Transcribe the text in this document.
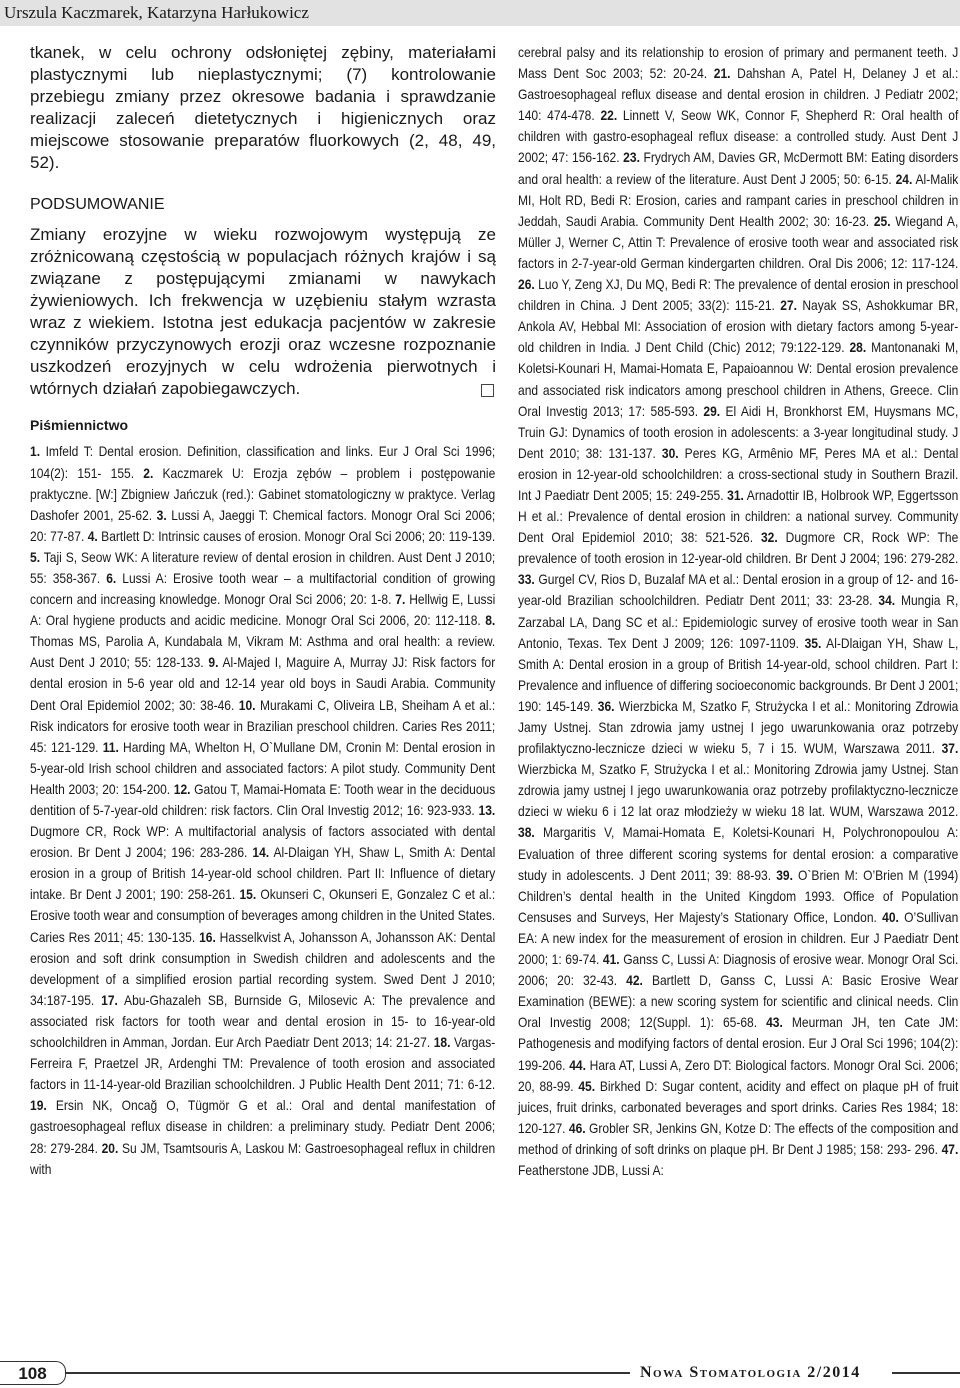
Urszula Kaczmarek, Katarzyna Harłukowicz

tkanek, w celu ochrony odsłoniętej zębiny, materiałami plastycznymi lub nieplastycznymi; (7) kontrolowanie przebiegu zmiany przez okresowe badania i sprawdzanie realizacji zaleceń dietetycznych i higienicznych oraz miejscowe stosowanie preparatów fluorkowych (2, 48, 49, 52).

PODSUMOWANIE

Zmiany erozyjne w wieku rozwojowym występują ze zróżnicowaną częstością w populacjach różnych krajów i są związane z postępującymi zmianami w nawykach żywieniowych. Ich frekwencja w uzębieniu stałym wzrasta wraz z wiekiem. Istotna jest edukacja pacjentów w zakresie czynników przyczynowych erozji oraz wczesne rozpoznanie uszkodzeń erozyjnych w celu wdrożenia pierwotnych i wtórnych działań zapobiegawczych.

Piśmiennictwo
1. Imfeld T: Dental erosion. Definition, classification and links. Eur J Oral Sci 1996; 104(2): 151- 155. 2. Kaczmarek U: Erozja zębów – problem i postępowanie praktyczne. [W:] Zbigniew Jańczuk (red.): Gabinet stomatologiczny w praktyce. Verlag Dashofer 2001, 25-62. 3. Lussi A, Jaeggi T: Chemical factors. Monogr Oral Sci 2006; 20: 77-87. 4. Bartlett D: Intrinsic causes of erosion. Monogr Oral Sci 2006; 20: 119-139. 5. Taji S, Seow WK: A literature review of dental erosion in children. Aust Dent J 2010; 55: 358-367. 6. Lussi A: Erosive tooth wear – a multifactorial condition of growing concern and increasing knowledge. Monogr Oral Sci 2006; 20: 1-8. 7. Hellwig E, Lussi A: Oral hygiene products and acidic medicine. Monogr Oral Sci 2006, 20: 112-118. 8. Thomas MS, Parolia A, Kundabala M, Vikram M: Asthma and oral health: a review. Aust Dent J 2010; 55: 128-133. 9. Al-Majed I, Maguire A, Murray JJ: Risk factors for dental erosion in 5-6 year old and 12-14 year old boys in Saudi Arabia. Community Dent Oral Epidemiol 2002; 30: 38-46. 10. Murakami C, Oliveira LB, Sheiham A et al.: Risk indicators for erosive tooth wear in Brazilian preschool children. Caries Res 2011; 45: 121-129. 11. Harding MA, Whelton H, O`Mullane DM, Cronin M: Dental erosion in 5-year-old Irish school children and associated factors: A pilot study. Community Dent Health 2003; 20: 154-200. 12. Gatou T, Mamai-Homata E: Tooth wear in the deciduous dentition of 5-7-year-old children: risk factors. Clin Oral Investig 2012; 16: 923-933. 13. Dugmore CR, Rock WP: A multifactorial analysis of factors associated with dental erosion. Br Dent J 2004; 196: 283-286. 14. Al-Dlaigan YH, Shaw L, Smith A: Dental erosion in a group of British 14-year-old school children. Part II: Influence of dietary intake. Br Dent J 2001; 190: 258-261. 15. Okunseri C, Okunseri E, Gonzalez C et al.: Erosive tooth wear and consumption of beverages among children in the United States. Caries Res 2011; 45: 130-135. 16. Hasselkvist A, Johansson A, Johansson AK: Dental erosion and soft drink consumption in Swedish children and adolescents and the development of a simplified erosion partial recording system. Swed Dent J 2010; 34:187-195. 17. Abu-Ghazaleh SB, Burnside G, Milosevic A: The prevalence and associated risk factors for tooth wear and dental erosion in 15- to 16-year-old schoolchildren in Amman, Jordan. Eur Arch Paediatr Dent 2013; 14: 21-27. 18. Vargas-Ferreira F, Praetzel JR, Ardenghi TM: Prevalence of tooth erosion and associated factors in 11-14-year-old Brazilian schoolchildren. J Public Health Dent 2011; 71: 6-12. 19. Ersin NK, Oncağ O, Tügmör G et al.: Oral and dental manifestation of gastroesophageal reflux disease in children: a preliminary study. Pediatr Dent 2006; 28: 279-284. 20. Su JM, Tsamtsouris A, Laskou M: Gastroesophageal reflux in children with
cerebral palsy and its relationship to erosion of primary and permanent teeth. J Mass Dent Soc 2003; 52: 20-24. 21. Dahshan A, Patel H, Delaney J et al.: Gastroesophageal reflux disease and dental erosion in children. J Pediatr 2002; 140: 474-478. 22. Linnett V, Seow WK, Connor F, Shepherd R: Oral health of children with gastro-esophageal reflux disease: a controlled study. Aust Dent J 2002; 47: 156-162. 23. Frydrych AM, Davies GR, McDermott BM: Eating disorders and oral health: a review of the literature. Aust Dent J 2005; 50: 6-15. 24. Al-Malik MI, Holt RD, Bedi R: Erosion, caries and rampant caries in preschool children in Jeddah, Saudi Arabia. Community Dent Health 2002; 30: 16-23. 25. Wiegand A, Müller J, Werner C, Attin T: Prevalence of erosive tooth wear and associated risk factors in 2-7-year-old German kindergarten children. Oral Dis 2006; 12: 117-124. 26. Luo Y, Zeng XJ, Du MQ, Bedi R: The prevalence of dental erosion in preschool children in China. J Dent 2005; 33(2): 115-21. 27. Nayak SS, Ashokkumar BR, Ankola AV, Hebbal MI: Association of erosion with dietary factors among 5-year-old children in India. J Dent Child (Chic) 2012; 79:122-129. 28. Mantonanaki M, Koletsi-Kounari H, Mamai-Homata E, Papaioannou W: Dental erosion prevalence and associated risk indicators among preschool children in Athens, Greece. Clin Oral Investig 2013; 17: 585-593. 29. El Aidi H, Bronkhorst EM, Huysmans MC, Truin GJ: Dynamics of tooth erosion in adolescents: a 3-year longitudinal study. J Dent 2010; 38: 131-137. 30. Peres KG, Armênio MF, Peres MA et al.: Dental erosion in 12-year-old schoolchildren: a cross-sectional study in Southern Brazil. Int J Paediatr Dent 2005; 15: 249-255. 31. Arnadottir IB, Holbrook WP, Eggertsson H et al.: Prevalence of dental erosion in children: a national survey. Community Dent Oral Epidemiol 2010; 38: 521-526. 32. Dugmore CR, Rock WP: The prevalence of tooth erosion in 12-year-old children. Br Dent J 2004; 196: 279-282. 33. Gurgel CV, Rios D, Buzalaf MA et al.: Dental erosion in a group of 12- and 16-year-old Brazilian schoolchildren. Pediatr Dent 2011; 33: 23-28. 34. Mungia R, Zarzabal LA, Dang SC et al.: Epidemiologic survey of erosive tooth wear in San Antonio, Texas. Tex Dent J 2009; 126: 1097-1109. 35. Al-Dlaigan YH, Shaw L, Smith A: Dental erosion in a group of British 14-year-old, school children. Part I: Prevalence and influence of differing socioeconomic backgrounds. Br Dent J 2001; 190: 145-149. 36. Wierzbicka M, Szatko F, Strużycka I et al.: Monitoring Zdrowia Jamy Ustnej. Stan zdrowia jamy ustnej I jego uwarunkowania oraz potrzeby profilaktyczno-lecznicze dzieci w wieku 5, 7 i 15. WUM, Warszawa 2011. 37. Wierzbicka M, Szatko F, Strużycka I et al.: Monitoring Zdrowia jamy Ustnej. Stan zdrowia jamy ustnej I jego uwarunkowania oraz potrzeby profilaktyczno-lecznicze dzieci w wieku 6 i 12 lat oraz młodzieży w wieku 18 lat. WUM, Warszawa 2012. 38. Margaritis V, Mamai-Homata E, Koletsi-Kounari H, Polychronopoulou A: Evaluation of three different scoring systems for dental erosion: a comparative study in adolescents. J Dent 2011; 39: 88-93. 39. O`Brien M: O’Brien M (1994) Children’s dental health in the United Kingdom 1993. Office of Population Censuses and Surveys, Her Majesty’s Stationary Office, London. 40. O’Sullivan EA: A new index for the measurement of erosion in children. Eur J Paediatr Dent 2000; 1: 69-74. 41. Ganss C, Lussi A: Diagnosis of erosive wear. Monogr Oral Sci. 2006; 20: 32-43. 42. Bartlett D, Ganss C, Lussi A: Basic Erosive Wear Examination (BEWE): a new scoring system for scientific and clinical needs. Clin Oral Investig 2008; 12(Suppl. 1): 65-68. 43. Meurman JH, ten Cate JM: Pathogenesis and modifying factors of dental erosion. Eur J Oral Sci 1996; 104(2): 199-206. 44. Hara AT, Lussi A, Zero DT: Biological factors. Monogr Oral Sci. 2006; 20, 88-99. 45. Birkhed D: Sugar content, acidity and effect on plaque pH of fruit juices, fruit drinks, carbonated beverages and sport drinks. Caries Res 1984; 18: 120-127. 46. Grobler SR, Jenkins GN, Kotze D: The effects of the composition and method of drinking of soft drinks on plaque pH. Br Dent J 1985; 158: 293- 296. 47. Featherstone JDB, Lussi A:
108	Nowa Stomatologia 2/2014
